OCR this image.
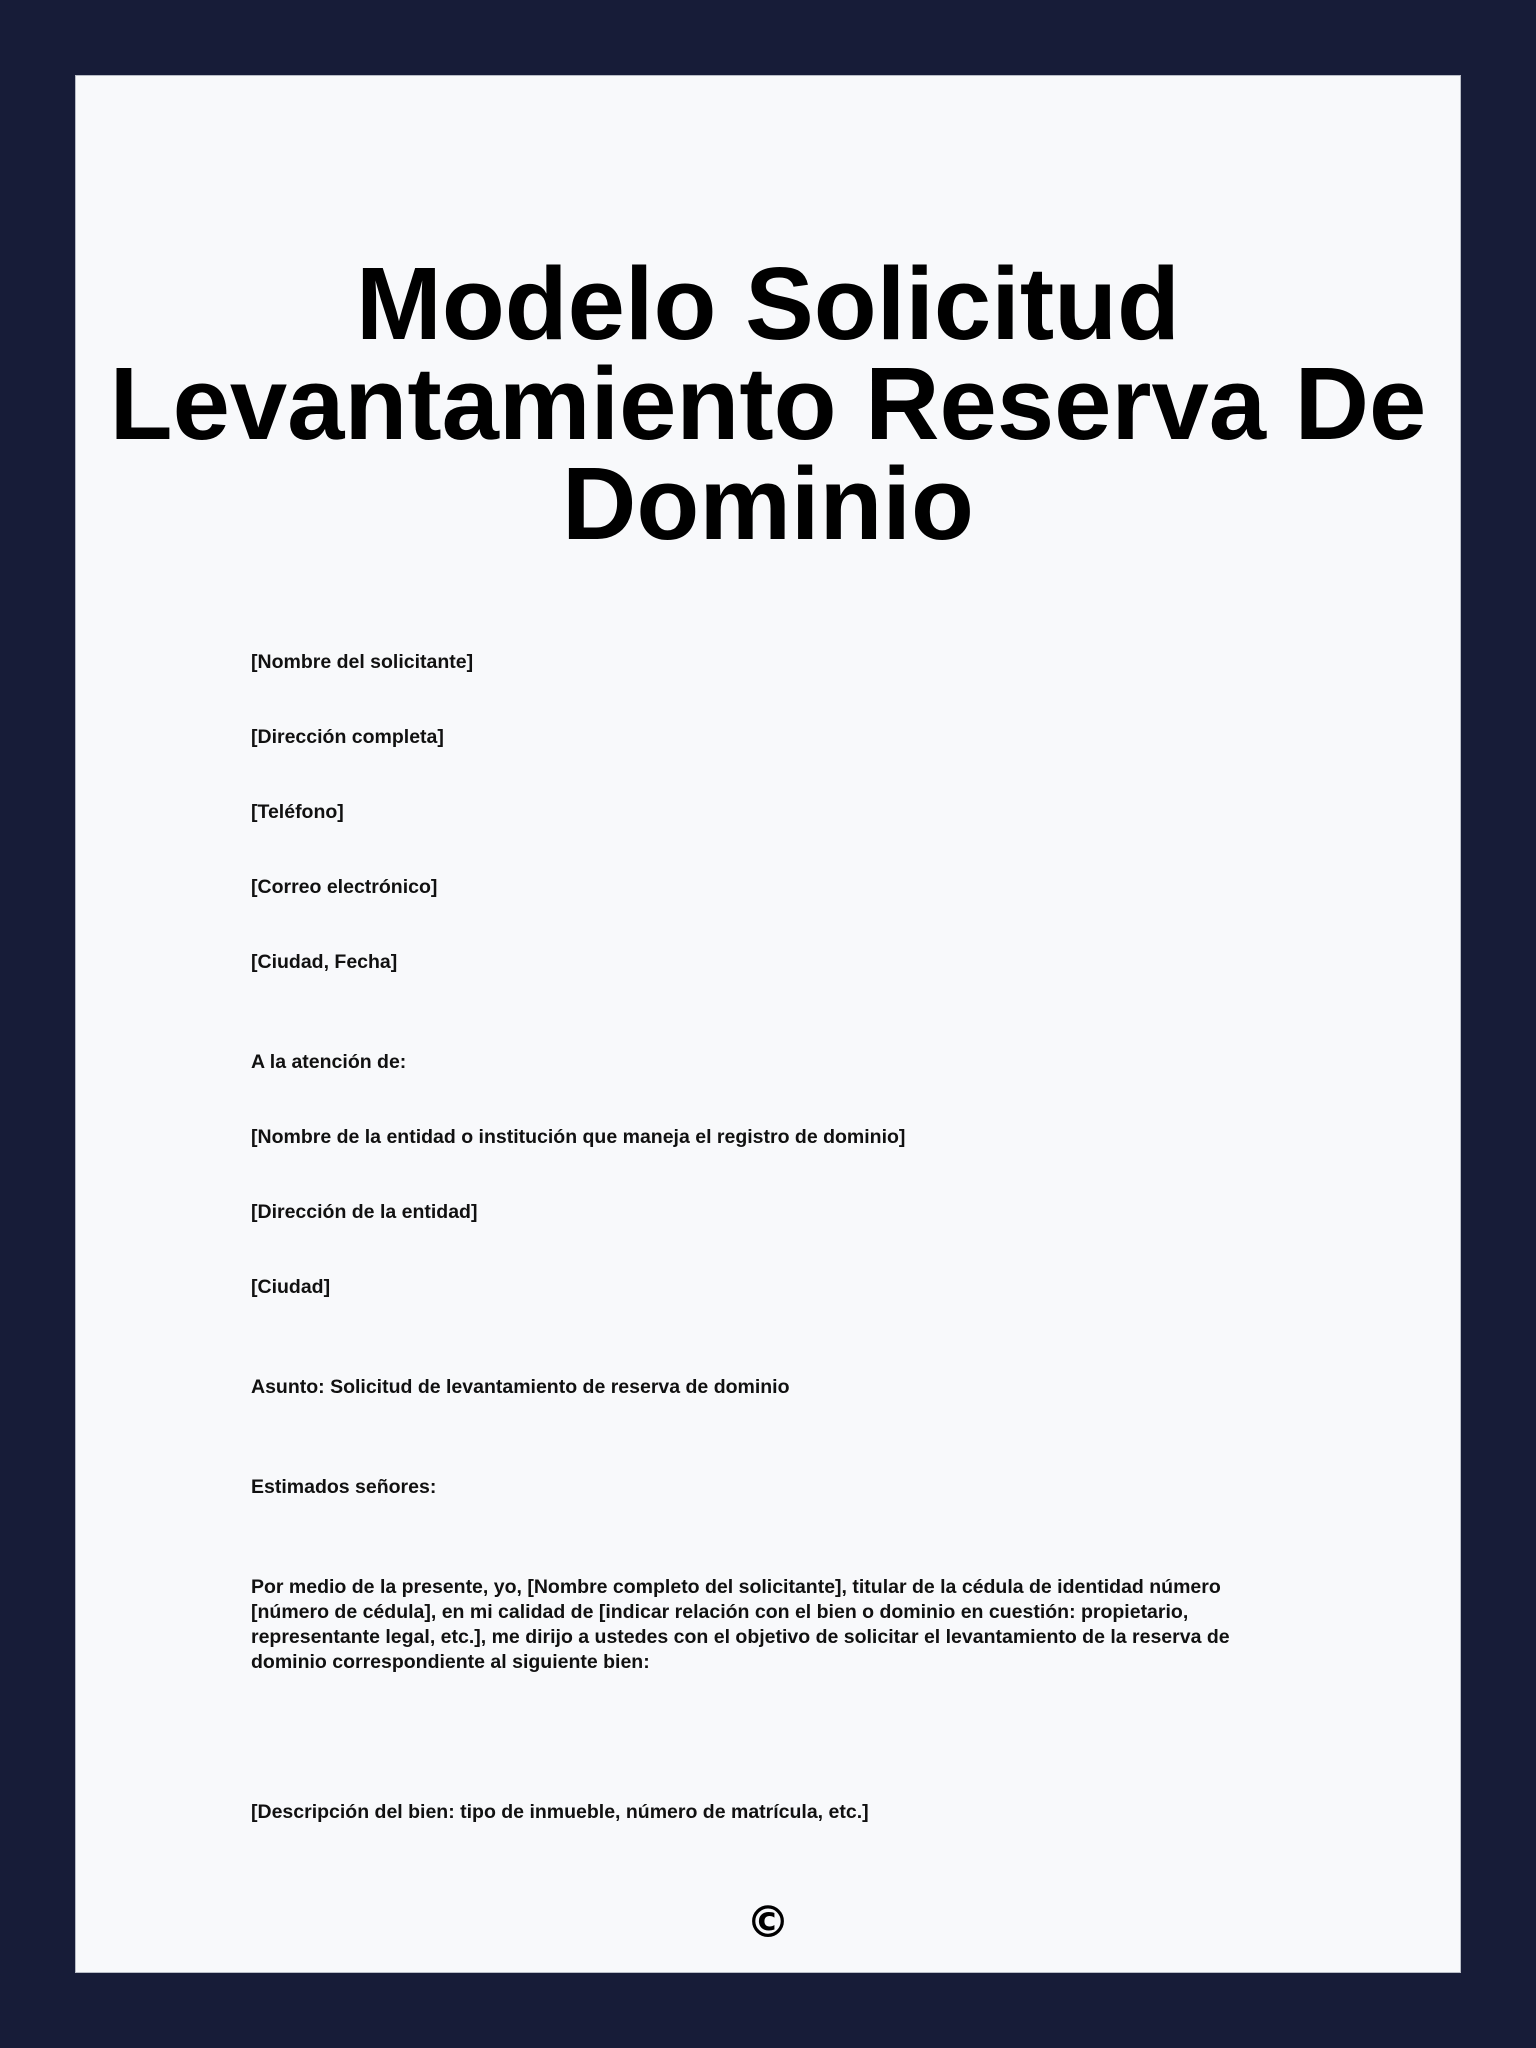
Modelo Solicitud
Levantamiento Reserva De
Dominio

[Nombre del solicitante]

[Dirección completa]

[Teléfono]

[Correo electrónico]

[Ciudad, Fecha]

A la atención de:

[Nombre de la entidad o institución que maneja el registro de dominio]

[Dirección de la entidad]

[Ciudad]

Asunto: Solicitud de levantamiento de reserva de dominio

Estimados señores:

Por medio de la presente, yo, [Nombre completo del solicitante], titular de la cédula de identidad número
[número de cédula], en mi calidad de [indicar relación con el bien o dominio en cuestión: propietario,
representante legal, etc.], me dirijo a ustedes con el objetivo de solicitar el levantamiento de la reserva de
dominio correspondiente al siguiente bien:

[Descripción del bien: tipo de inmueble, número de matrícula, etc.]

©
